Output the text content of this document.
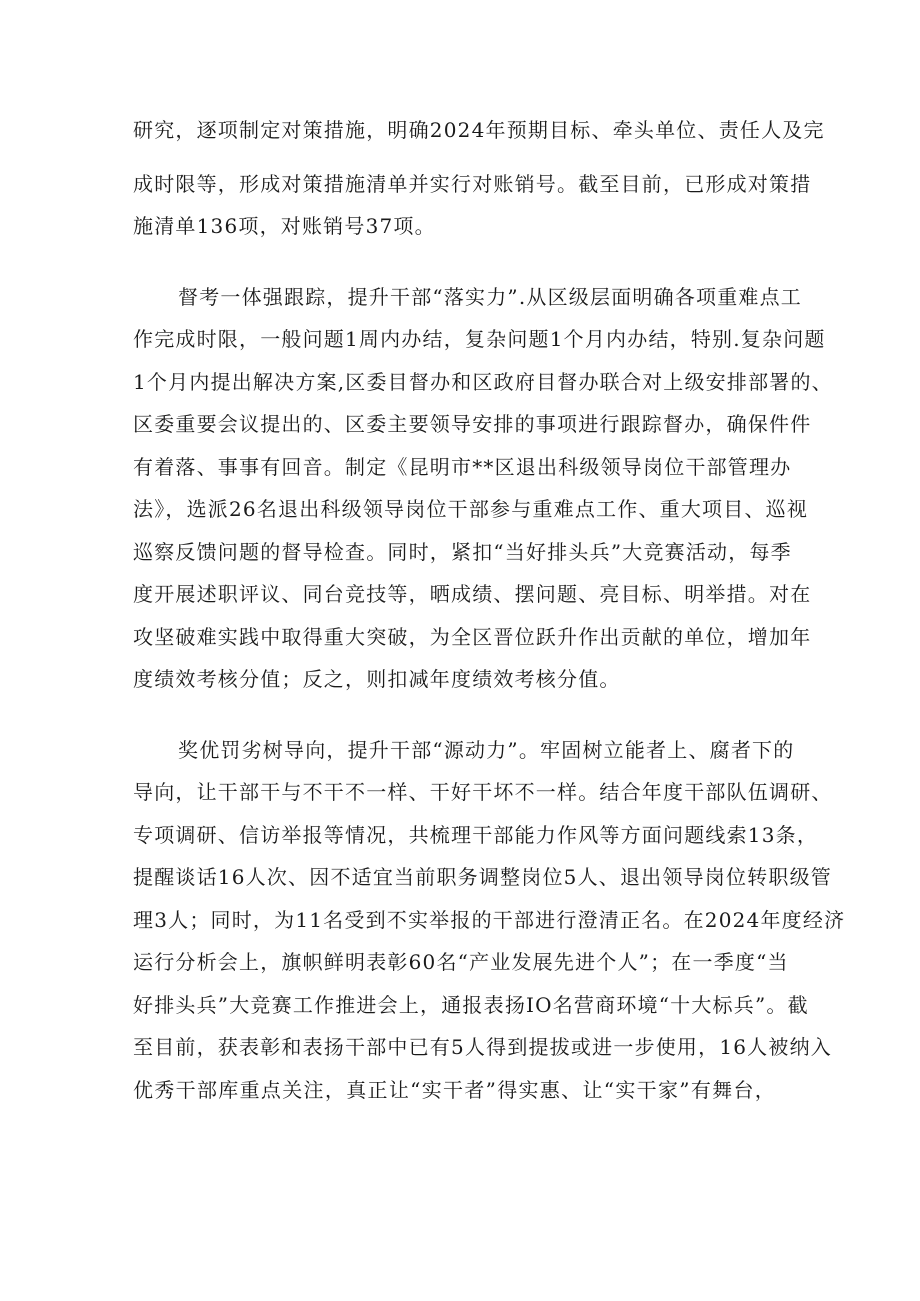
研究，逐项制定对策措施，明确2024年预期目标、牵头单位、责任人及完
成时限等，形成对策措施清单并实行对账销号。截至目前，已形成对策措
施清单136项，对账销号37项。
督考一体强跟踪，提升干部“落实力”.从区级层面明确各项重难点工
作完成时限，一般问题1周内办结，复杂问题1个月内办结，特别.复杂问题
1个月内提出解决方案,区委目督办和区政府目督办联合对上级安排部署的、
区委重要会议提出的、区委主要领导安排的事项进行跟踪督办，确保件件
有着落、事事有回音。制定《昆明市**区退出科级领导岗位干部管理办
法》，选派26名退出科级领导岗位干部参与重难点工作、重大项目、巡视
巡察反馈问题的督导检查。同时，紧扣“当好排头兵”大竞赛活动，每季
度开展述职评议、同台竞技等，晒成绩、摆问题、亮目标、明举措。对在
攻坚破难实践中取得重大突破，为全区晋位跃升作出贡献的单位，增加年
度绩效考核分值；反之，则扣减年度绩效考核分值。
奖优罚劣树导向，提升干部“源动力”。牢固树立能者上、腐者下的
导向，让干部干与不干不一样、干好干坏不一样。结合年度干部队伍调研、
专项调研、信访举报等情况，共梳理干部能力作风等方面问题线索13条，
提醒谈话16人次、因不适宜当前职务调整岗位5人、退出领导岗位转职级管
理3人；同时，为11名受到不实举报的干部进行澄清正名。在2024年度经济
运行分析会上，旗帜鲜明表彰60名“产业发展先进个人”；在一季度“当
好排头兵”大竞赛工作推进会上，通报表扬IO名营商环境“十大标兵”。截
至目前，获表彰和表扬干部中已有5人得到提拔或进一步使用，16人被纳入
优秀干部库重点关注，真正让“实干者”得实惠、让“实干家”有舞台，
